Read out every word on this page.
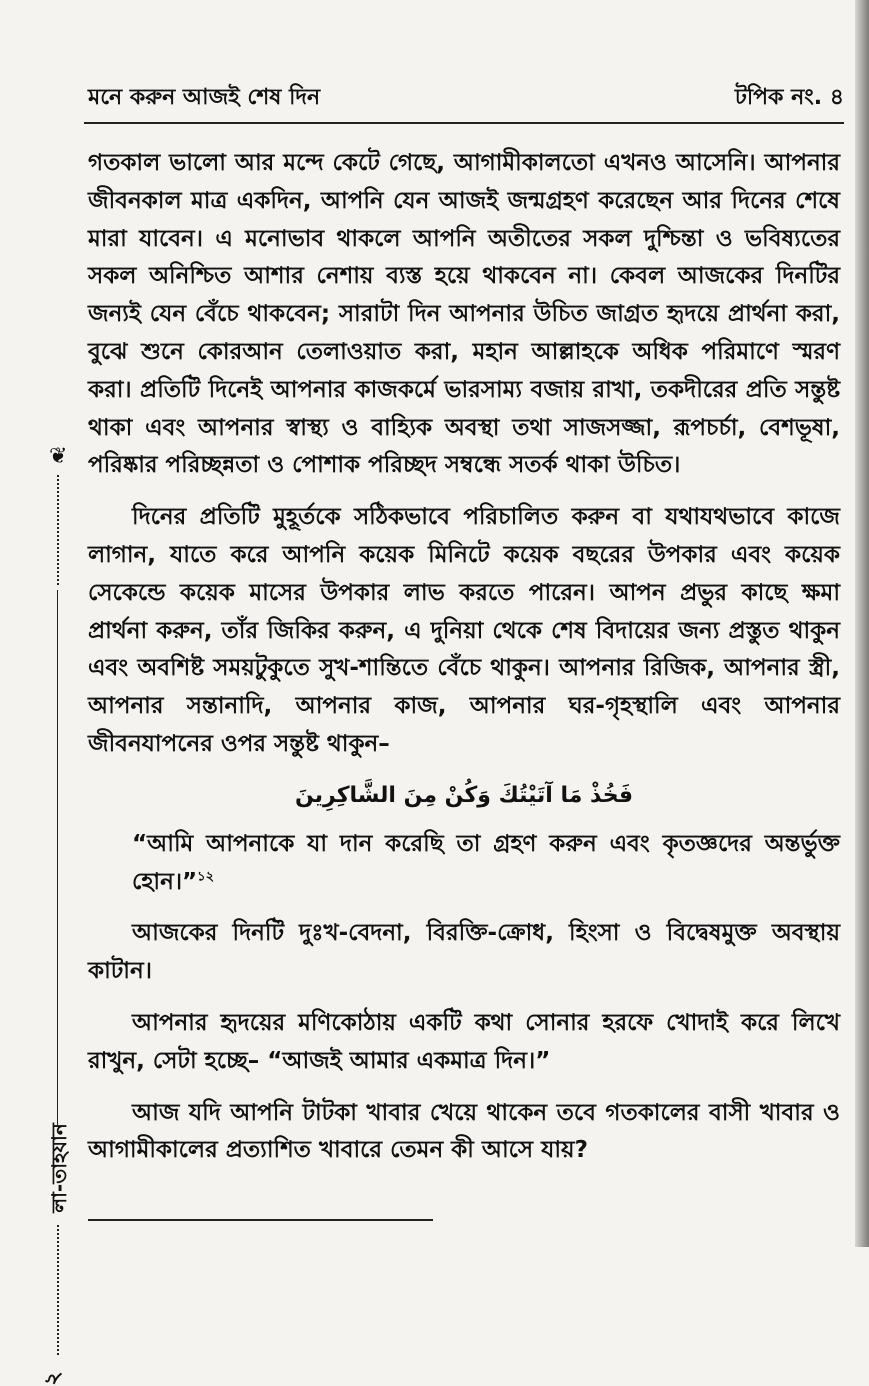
মনে করুন আজই শেষ দিন	টপিক নং. ৪
❦
লা-তাহযান
২

গতকাল ভালো আর মন্দে কেটে গেছে, আগামীকালতো এখনও আসেনি। আপনার জীবনকাল মাত্র একদিন, আপনি যেন আজই জন্মগ্রহণ করেছেন আর দিনের শেষে মারা যাবেন। এ মনোভাব থাকলে আপনি অতীতের সকল দুশ্চিন্তা ও ভবিষ্যতের সকল অনিশ্চিত আশার নেশায় ব্যস্ত হয়ে থাকবেন না। কেবল আজকের দিনটির জন্যই যেন বেঁচে থাকবেন; সারাটা দিন আপনার উচিত জাগ্রত হৃদয়ে প্রার্থনা করা, বুঝে শুনে কোরআন তেলাওয়াত করা, মহান আল্লাহকে অধিক পরিমাণে স্মরণ করা। প্রতিটি দিনেই আপনার কাজকর্মে ভারসাম্য বজায় রাখা, তকদীরের প্রতি সন্তুষ্ট থাকা এবং আপনার স্বাস্থ্য ও বাহ্যিক অবস্থা তথা সাজসজ্জা, রূপচর্চা, বেশভূষা, পরিষ্কার পরিচ্ছন্নতা ও পোশাক পরিচ্ছদ সম্বন্ধে সতর্ক থাকা উচিত।

দিনের প্রতিটি মুহূর্তকে সঠিকভাবে পরিচালিত করুন বা যথাযথভাবে কাজে লাগান, যাতে করে আপনি কয়েক মিনিটে কয়েক বছরের উপকার এবং কয়েক সেকেন্ডে কয়েক মাসের উপকার লাভ করতে পারেন। আপন প্রভুর কাছে ক্ষমা প্রার্থনা করুন, তাঁর জিকির করুন, এ দুনিয়া থেকে শেষ বিদায়ের জন্য প্রস্তুত থাকুন এবং অবশিষ্ট সময়টুকুতে সুখ-শান্তিতে বেঁচে থাকুন। আপনার রিজিক, আপনার স্ত্রী, আপনার সন্তানাদি, আপনার কাজ, আপনার ঘর-গৃহস্থালি এবং আপনার জীবনযাপনের ওপর সন্তুষ্ট থাকুন–

فَخُذْ مَا آتَيْتُكَ وَكُنْ مِنَ الشَّاكِرِينَ

“আমি আপনাকে যা দান করেছি তা গ্রহণ করুন এবং কৃতজ্ঞদের অন্তর্ভুক্ত হোন।”$^{১২}$

আজকের দিনটি দুঃখ-বেদনা, বিরক্তি-ক্রোধ, হিংসা ও বিদ্বেষমুক্ত অবস্থায় কাটান।

আপনার হৃদয়ের মণিকোঠায় একটি কথা সোনার হরফে খোদাই করে লিখে রাখুন, সেটা হচ্ছে– “আজই আমার একমাত্র দিন।”

আজ যদি আপনি টাটকা খাবার খেয়ে থাকেন তবে গতকালের বাসী খাবার ও আগামীকালের প্রত্যাশিত খাবারে তেমন কী আসে যায়?
